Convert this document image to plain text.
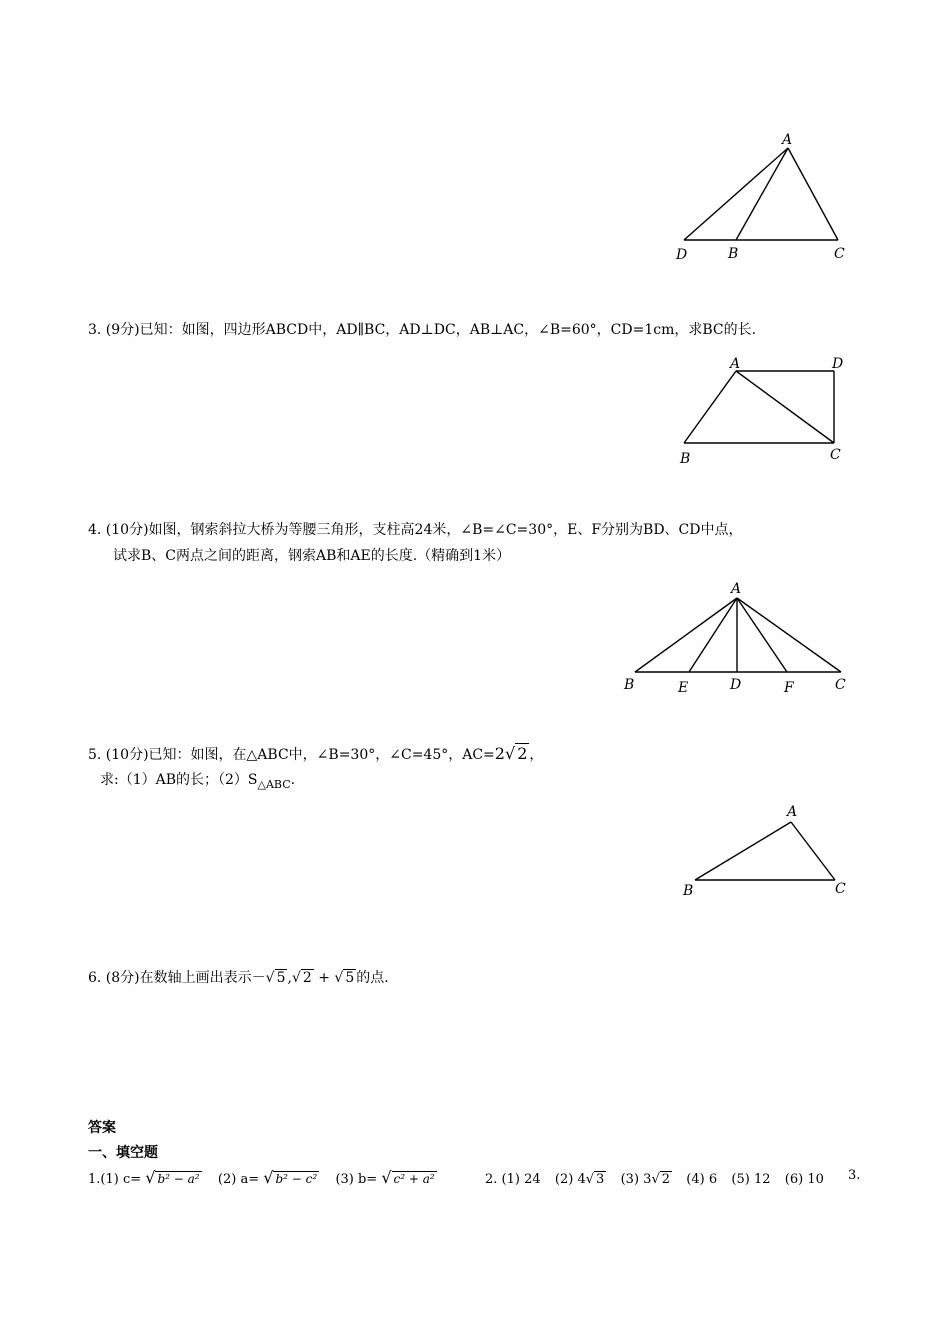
A
D	B	C
3. (9分)已知：如图，四边形ABCD中，AD∥BC，AD⊥DC，AB⊥AC，∠B=60°，CD=1cm，求BC的长.
A	D
B	C
4. (10分)如图，钢索斜拉大桥为等腰三角形，支柱高24米，∠B=∠C=30°，E、F分别为BD、CD中点，
试求B、C两点之间的距离，钢索AB和AE的长度.（精确到1米）
A
B	E	D	F	C
5. (10分)已知：如图，在△ABC中，∠B=30°，∠C=45°，AC=2√ 2 ，
求:（1）AB的长；$(2)S_{\triangle ABC}$.
A
B	C
6. (8分)在数轴上画出表示－√ 5 ,√ 2 + √ 5 的点.
答案
一、填空题
1.(1) c= √ b² − a² (2) a= √ b² − c² (3) b= √ c² + a²	2. (1) 24 (2) 4√ 3 (3) 3√ 2 (4) 6 (5) 12 (6) 10 3.
